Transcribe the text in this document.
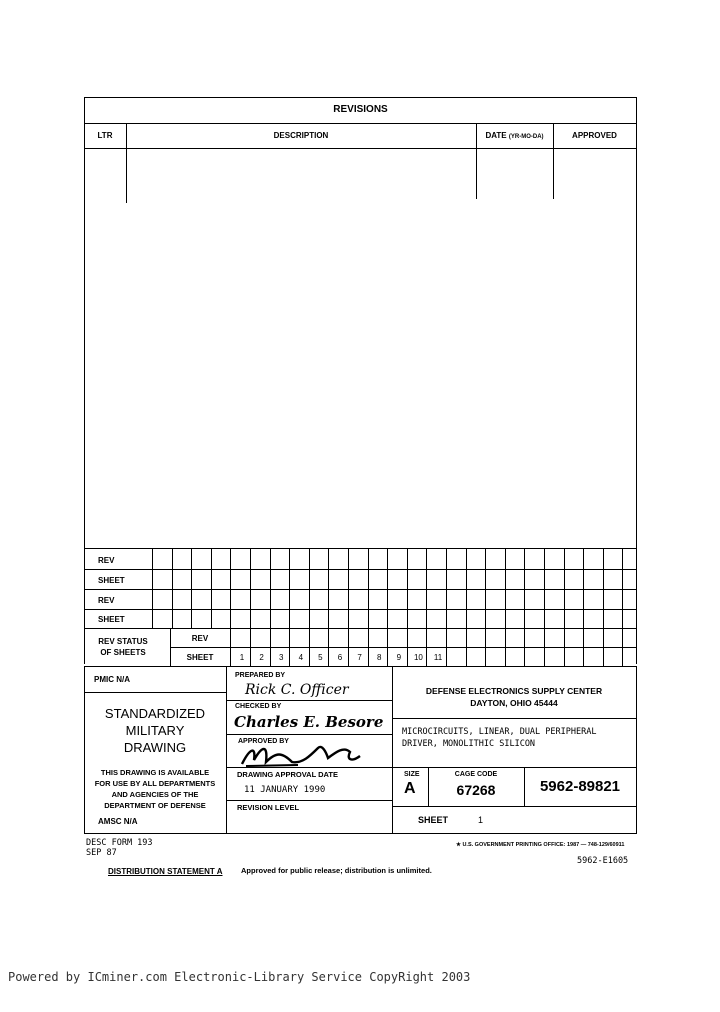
REVISIONS
LTR	DESCRIPTION	DATE (YR-MO-DA)	APPROVED
REV
SHEET
REV
SHEET
REV STATUS
OF SHEETS
REV
SHEET	1	2	3	4	5	6	7	8	9	10	11
PMIC N/A
STANDARDIZED
MILITARY
DRAWING
THIS DRAWING IS AVAILABLE
FOR USE BY ALL DEPARTMENTS
AND AGENCIES OF THE
DEPARTMENT OF DEFENSE
AMSC N/A
PREPARED BY
Rick C. Officer
CHECKED BY
Charles E. Besore
APPROVED BY
DRAWING APPROVAL DATE
11 JANUARY 1990
REVISION LEVEL
DEFENSE ELECTRONICS SUPPLY CENTER
DAYTON, OHIO 45444
MICROCIRCUITS, LINEAR, DUAL PERIPHERAL
DRIVER, MONOLITHIC SILICON
SIZE
A
CAGE CODE
67268	5962-89821
SHEET	1
DESC FORM 193
SEP 87
★ U.S. GOVERNMENT PRINTING OFFICE: 1987 — 748-129/60911
5962-E1605
DISTRIBUTION STATEMENT A Approved for public release; distribution is unlimited.
Powered by ICminer.com Electronic-Library Service CopyRight 2003
